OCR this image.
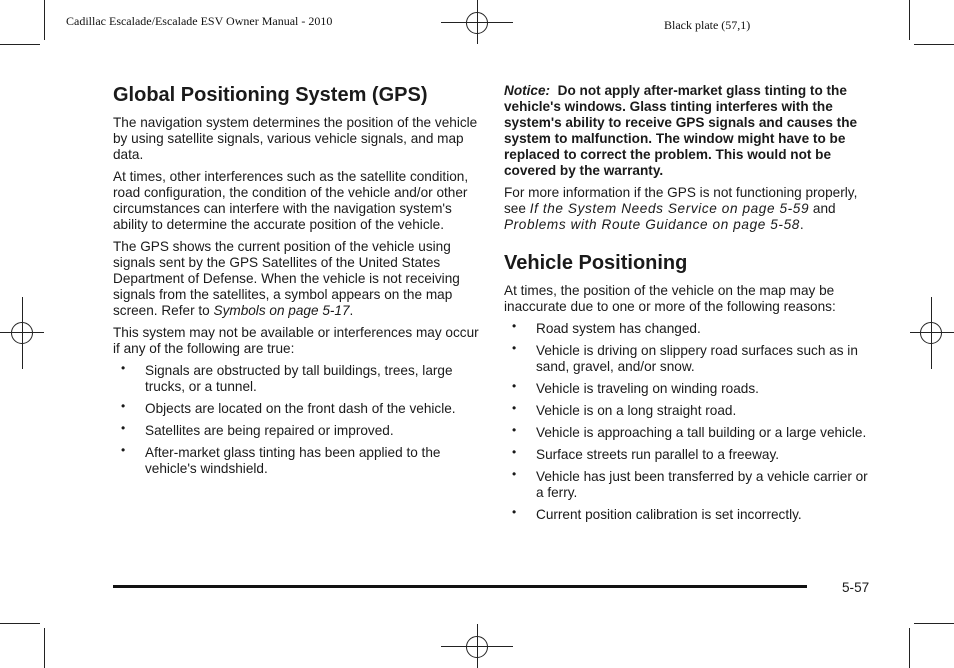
Cadillac Escalade/Escalade ESV Owner Manual - 2010	Black plate (57,1)
Global Positioning System (GPS)

The navigation system determines the position of the vehicle by using satellite signals, various vehicle signals, and map data.

At times, other interferences such as the satellite condition, road configuration, the condition of the vehicle and/or other circumstances can interfere with the navigation system's ability to determine the accurate position of the vehicle.

The GPS shows the current position of the vehicle using signals sent by the GPS Satellites of the United States Department of Defense. When the vehicle is not receiving signals from the satellites, a symbol appears on the map screen. Refer to Symbols on page 5-17.

This system may not be available or interferences may occur if any of the following are true:

• Signals are obstructed by tall buildings, trees, large trucks, or a tunnel.
• Objects are located on the front dash of the vehicle.
• Satellites are being repaired or improved.
• After-market glass tinting has been applied to the vehicle's windshield.

Notice: Do not apply after-market glass tinting to the vehicle's windows. Glass tinting interferes with the system's ability to receive GPS signals and causes the system to malfunction. The window might have to be replaced to correct the problem. This would not be covered by the warranty.

For more information if the GPS is not functioning properly, see If the System Needs Service on page 5-59 and Problems with Route Guidance on page 5-58.

Vehicle Positioning

At times, the position of the vehicle on the map may be inaccurate due to one or more of the following reasons:

• Road system has changed.
• Vehicle is driving on slippery road surfaces such as in sand, gravel, and/or snow.
• Vehicle is traveling on winding roads.
• Vehicle is on a long straight road.
• Vehicle is approaching a tall building or a large vehicle.
• Surface streets run parallel to a freeway.
• Vehicle has just been transferred by a vehicle carrier or a ferry.
• Current position calibration is set incorrectly.
5-57
